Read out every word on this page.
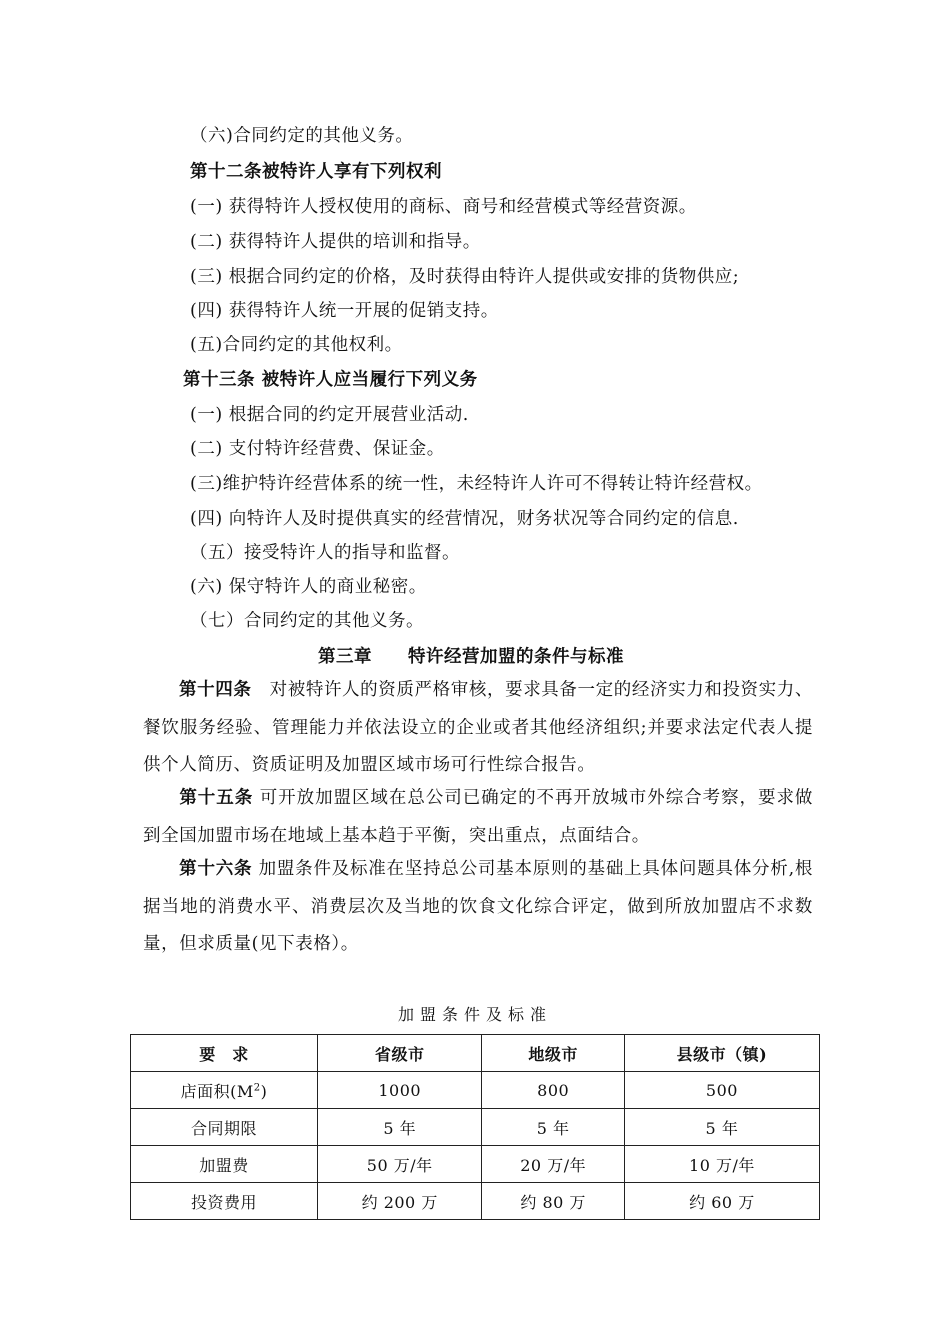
（六)合同约定的其他义务。
第十二条被特许人享有下列权利
(一) 获得特许人授权使用的商标、商号和经营模式等经营资源。
(二) 获得特许人提供的培训和指导。
(三) 根据合同约定的价格，及时获得由特许人提供或安排的货物供应;
(四) 获得特许人统一开展的促销支持。
(五)合同约定的其他权利。
第十三条 被特许人应当履行下列义务
(一) 根据合同的约定开展营业活动.
(二) 支付特许经营费、保证金。
(三)维护特许经营体系的统一性，未经特许人许可不得转让特许经营权。
(四) 向特许人及时提供真实的经营情况，财务状况等合同约定的信息.
（五）接受特许人的指导和监督。
(六) 保守特许人的商业秘密。
（七）合同约定的其他义务。
第三章　　特许经营加盟的条件与标准
第十四条　对被特许人的资质严格审核，要求具备一定的经济实力和投资实力、餐饮服务经验、管理能力并依法设立的企业或者其他经济组织;并要求法定代表人提供个人简历、资质证明及加盟区域市场可行性综合报告。
第十五条 可开放加盟区域在总公司已确定的不再开放城市外综合考察，要求做到全国加盟市场在地域上基本趋于平衡，突出重点，点面结合。
第十六条 加盟条件及标准在坚持总公司基本原则的基础上具体问题具体分析,根据当地的消费水平、消费层次及当地的饮食文化综合评定，做到所放加盟店不求数量，但求质量(见下表格）。
加盟条件及标准
要　求	省级市	地级市	县级市（镇)
店面积$(M^2)$	1000	800	500
合同期限	5 年	5 年	5 年
加盟费	50 万/年	20 万/年	10 万/年
投资费用	约 200 万	约 80 万	约 60 万
